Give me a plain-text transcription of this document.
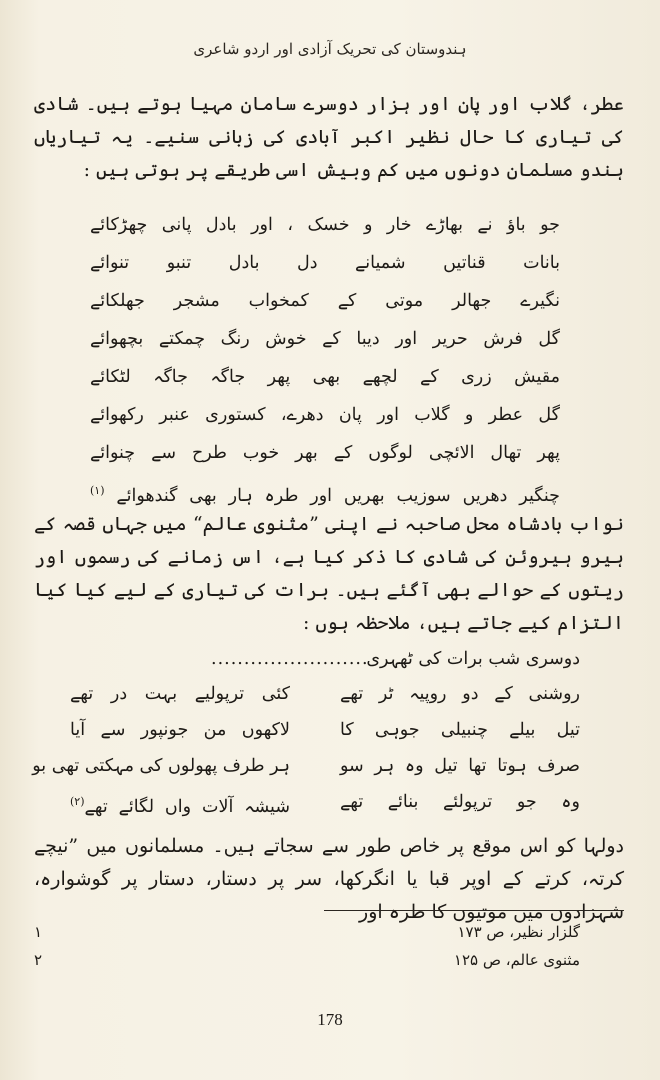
ہندوستان کی تحریک آزادی اور اردو شاعری

عطر، گلاب اور پان اور ہزار دوسرے سامان مہیا ہوتے ہیں۔ شادی کی تیاری کا حال نظیر اکبر آبادی کی زبانی سنیے۔ یہ تیاریاں ہندو مسلمان دونوں میں کم وبیش اسی طریقے پر ہوتی ہیں :

جو باؤ نے بھاڑے خار و خسک ، اور بادل پانی چھڑکائے
بانات قناتیں شمیانے دل بادل تنبو تنوائے
نگیرے جھالر موتی کے کمخواب مشجر جھلکائے
گل فرش حریر اور دیبا کے خوش رنگ چمکتے بچھوائے
مقیش زری کے لچھے بھی پھر جاگہ جاگہ لٹکائے
گل عطر و گلاب اور پان دھرے، کستوری عنبر رکھوائے
پھر تھال الائچی لوگوں کے بھر خوب طرح سے چنوائے
چنگیر دھریں سوزیب بھریں اور طرہ ہار بھی گندھوائے $^{(۱)}$

نواب بادشاہ محل صاحبہ نے اپنی ”مثنوی عالم“ میں جہاں قصہ کے ہیرو ہیروئن کی شادی کا ذکر کیا ہے، اس زمانے کی رسموں اور ریتوں کے حوالے بھی آگئے ہیں۔ برات کی تیاری کے لیے کیا کیا التزام کیے جاتے ہیں، ملاحظہ ہوں :

دوسری شب برات کی ٹھہری
........................
روشنی کے دو روپیہ ٹر تھے
کئی ترپولیے بہت در تھے
تیل بیلے چنبیلی جوہی کا
لاکھوں من جونپور سے آیا
صرف ہوتا تھا تیل وہ ہر سو
ہر طرف پھولوں کی مہکتی تھی بو
وہ جو ترپولئے بنائے تھے
شیشہ آلات واں لگائے تھے$^{(۲)}$

دولہا کو اس موقع پر خاص طور سے سجاتے ہیں۔ مسلمانوں میں ”نیچے کرتہ، کرتے کے اوپر قبا یا انگرکھا، سر پر دستار، دستار پر گوشوارہ، شہزادوں میں موتیوں کا طرہ اور

۱	گلزار نظیر، ص ۱۷۳
۲	مثنوی عالم، ص ۱۲۵
178
